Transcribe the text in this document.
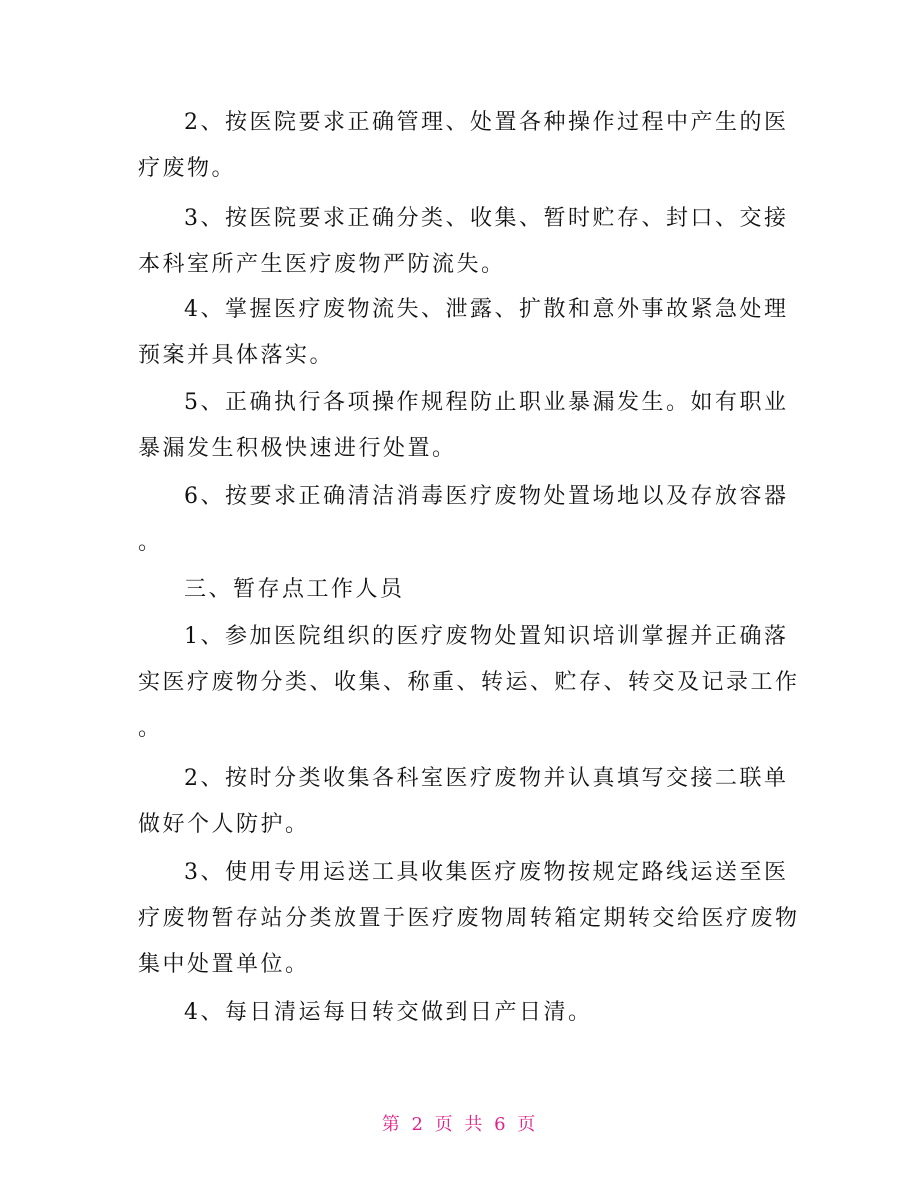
2、按医院要求正确管理、处置各种操作过程中产生的医
疗废物。
3、按医院要求正确分类、收集、暂时贮存、封口、交接
本科室所产生医疗废物严防流失。
4、掌握医疗废物流失、泄露、扩散和意外事故紧急处理
预案并具体落实。
5、正确执行各项操作规程防止职业暴漏发生。如有职业
暴漏发生积极快速进行处置。
6、按要求正确清洁消毒医疗废物处置场地以及存放容器
。
三、暂存点工作人员
1、参加医院组织的医疗废物处置知识培训掌握并正确落
实医疗废物分类、收集、称重、转运、贮存、转交及记录工作
。
2、按时分类收集各科室医疗废物并认真填写交接二联单
做好个人防护。
3、使用专用运送工具收集医疗废物按规定路线运送至医
疗废物暂存站分类放置于医疗废物周转箱定期转交给医疗废物
集中处置单位。
4、每日清运每日转交做到日产日清。
第 2 页 共 6 页
